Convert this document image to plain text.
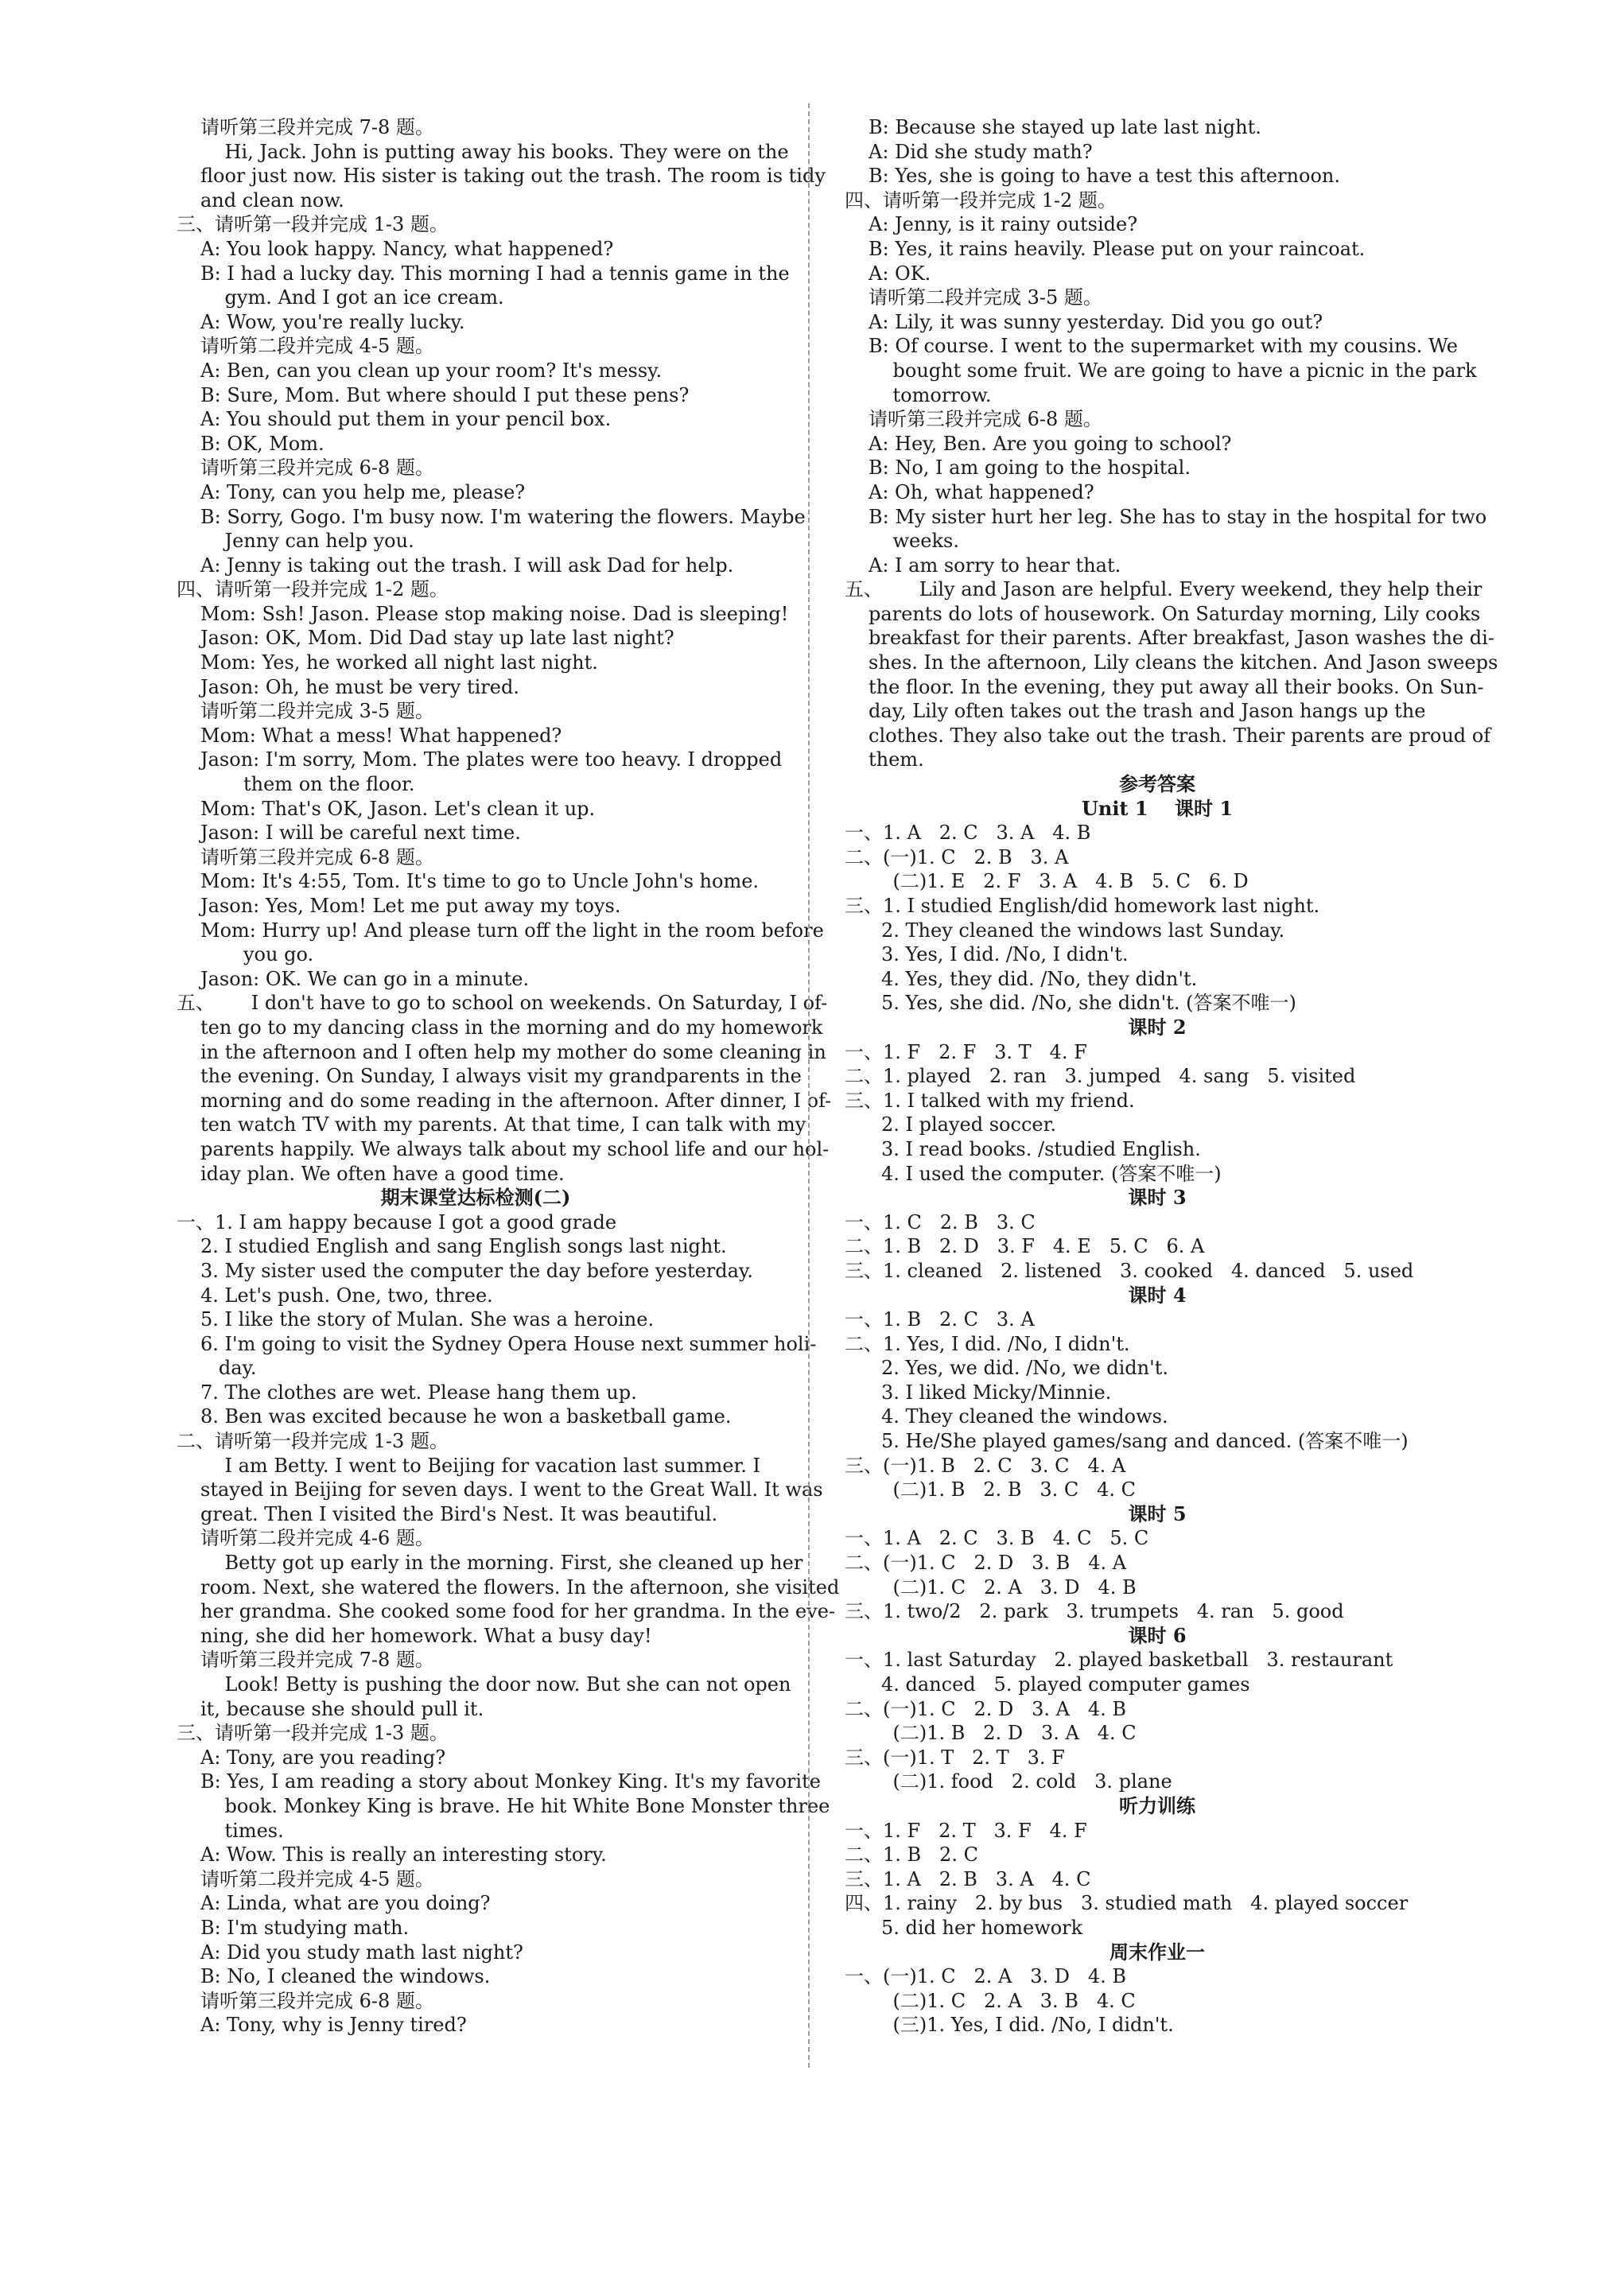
请听第三段并完成 7-8 题。
Hi, Jack. John is putting away his books. They were on the
floor just now. His sister is taking out the trash. The room is tidy
and clean now.
三、请听第一段并完成 1-3 题。
A: You look happy. Nancy, what happened?
B: I had a lucky day. This morning I had a tennis game in the
gym. And I got an ice cream.
A: Wow, you're really lucky.
请听第二段并完成 4-5 题。
A: Ben, can you clean up your room? It's messy.
B: Sure, Mom. But where should I put these pens?
A: You should put them in your pencil box.
B: OK, Mom.
请听第三段并完成 6-8 题。
A: Tony, can you help me, please?
B: Sorry, Gogo. I'm busy now. I'm watering the flowers. Maybe
Jenny can help you.
A: Jenny is taking out the trash. I will ask Dad for help.
四、请听第一段并完成 1-2 题。
Mom: Ssh! Jason. Please stop making noise. Dad is sleeping!
Jason: OK, Mom. Did Dad stay up late last night?
Mom: Yes, he worked all night last night.
Jason: Oh, he must be very tired.
请听第二段并完成 3-5 题。
Mom: What a mess! What happened?
Jason: I'm sorry, Mom. The plates were too heavy. I dropped
them on the floor.
Mom: That's OK, Jason. Let's clean it up.
Jason: I will be careful next time.
请听第三段并完成 6-8 题。
Mom: It's 4:55, Tom. It's time to go to Uncle John's home.
Jason: Yes, Mom! Let me put away my toys.
Mom: Hurry up! And please turn off the light in the room before
you go.
Jason: OK. We can go in a minute.
五、      I don't have to go to school on weekends. On Saturday, I of-
ten go to my dancing class in the morning and do my homework
in the afternoon and I often help my mother do some cleaning in
the evening. On Sunday, I always visit my grandparents in the
morning and do some reading in the afternoon. After dinner, I of-
ten watch TV with my parents. At that time, I can talk with my
parents happily. We always talk about my school life and our hol-
iday plan. We often have a good time.
期末课堂达标检测(二)
一、1. I am happy because I got a good grade
2. I studied English and sang English songs last night.
3. My sister used the computer the day before yesterday.
4. Let's push. One, two, three.
5. I like the story of Mulan. She was a heroine.
6. I'm going to visit the Sydney Opera House next summer holi-
day.
7. The clothes are wet. Please hang them up.
8. Ben was excited because he won a basketball game.
二、请听第一段并完成 1-3 题。
I am Betty. I went to Beijing for vacation last summer. I
stayed in Beijing for seven days. I went to the Great Wall. It was
great. Then I visited the Bird's Nest. It was beautiful.
请听第二段并完成 4-6 题。
Betty got up early in the morning. First, she cleaned up her
room. Next, she watered the flowers. In the afternoon, she visited
her grandma. She cooked some food for her grandma. In the eve-
ning, she did her homework. What a busy day!
请听第三段并完成 7-8 题。
Look! Betty is pushing the door now. But she can not open
it, because she should pull it.
三、请听第一段并完成 1-3 题。
A: Tony, are you reading?
B: Yes, I am reading a story about Monkey King. It's my favorite
book. Monkey King is brave. He hit White Bone Monster three
times.
A: Wow. This is really an interesting story.
请听第二段并完成 4-5 题。
A: Linda, what are you doing?
B: I'm studying math.
A: Did you study math last night?
B: No, I cleaned the windows.
请听第三段并完成 6-8 题。
A: Tony, why is Jenny tired?
B: Because she stayed up late last night.
A: Did she study math?
B: Yes, she is going to have a test this afternoon.
四、请听第一段并完成 1-2 题。
A: Jenny, is it rainy outside?
B: Yes, it rains heavily. Please put on your raincoat.
A: OK.
请听第二段并完成 3-5 题。
A: Lily, it was sunny yesterday. Did you go out?
B: Of course. I went to the supermarket with my cousins. We
bought some fruit. We are going to have a picnic in the park
tomorrow.
请听第三段并完成 6-8 题。
A: Hey, Ben. Are you going to school?
B: No, I am going to the hospital.
A: Oh, what happened?
B: My sister hurt her leg. She has to stay in the hospital for two
weeks.
A: I am sorry to hear that.
五、      Lily and Jason are helpful. Every weekend, they help their
parents do lots of housework. On Saturday morning, Lily cooks
breakfast for their parents. After breakfast, Jason washes the di-
shes. In the afternoon, Lily cleans the kitchen. And Jason sweeps
the floor. In the evening, they put away all their books. On Sun-
day, Lily often takes out the trash and Jason hangs up the
clothes. They also take out the trash. Their parents are proud of
them.
参考答案
Unit 1    课时 1
一、1. A   2. C   3. A   4. B
二、(一)1. C   2. B   3. A
(二)1. E   2. F   3. A   4. B   5. C   6. D
三、1. I studied English/did homework last night.
2. They cleaned the windows last Sunday.
3. Yes, I did. /No, I didn't.
4. Yes, they did. /No, they didn't.
5. Yes, she did. /No, she didn't. (答案不唯一)
课时 2
一、1. F   2. F   3. T   4. F
二、1. played   2. ran   3. jumped   4. sang   5. visited
三、1. I talked with my friend.
2. I played soccer.
3. I read books. /studied English.
4. I used the computer. (答案不唯一)
课时 3
一、1. C   2. B   3. C
二、1. B   2. D   3. F   4. E   5. C   6. A
三、1. cleaned   2. listened   3. cooked   4. danced   5. used
课时 4
一、1. B   2. C   3. A
二、1. Yes, I did. /No, I didn't.
2. Yes, we did. /No, we didn't.
3. I liked Micky/Minnie.
4. They cleaned the windows.
5. He/She played games/sang and danced. (答案不唯一)
三、(一)1. B   2. C   3. C   4. A
(二)1. B   2. B   3. C   4. C
课时 5
一、1. A   2. C   3. B   4. C   5. C
二、(一)1. C   2. D   3. B   4. A
(二)1. C   2. A   3. D   4. B
三、1. two/2   2. park   3. trumpets   4. ran   5. good
课时 6
一、1. last Saturday   2. played basketball   3. restaurant
4. danced   5. played computer games
二、(一)1. C   2. D   3. A   4. B
(二)1. B   2. D   3. A   4. C
三、(一)1. T   2. T   3. F
(二)1. food   2. cold   3. plane
听力训练
一、1. F   2. T   3. F   4. F
二、1. B   2. C
三、1. A   2. B   3. A   4. C
四、1. rainy   2. by bus   3. studied math   4. played soccer
5. did her homework
周末作业一
一、(一)1. C   2. A   3. D   4. B
(二)1. C   2. A   3. B   4. C
(三)1. Yes, I did. /No, I didn't.
